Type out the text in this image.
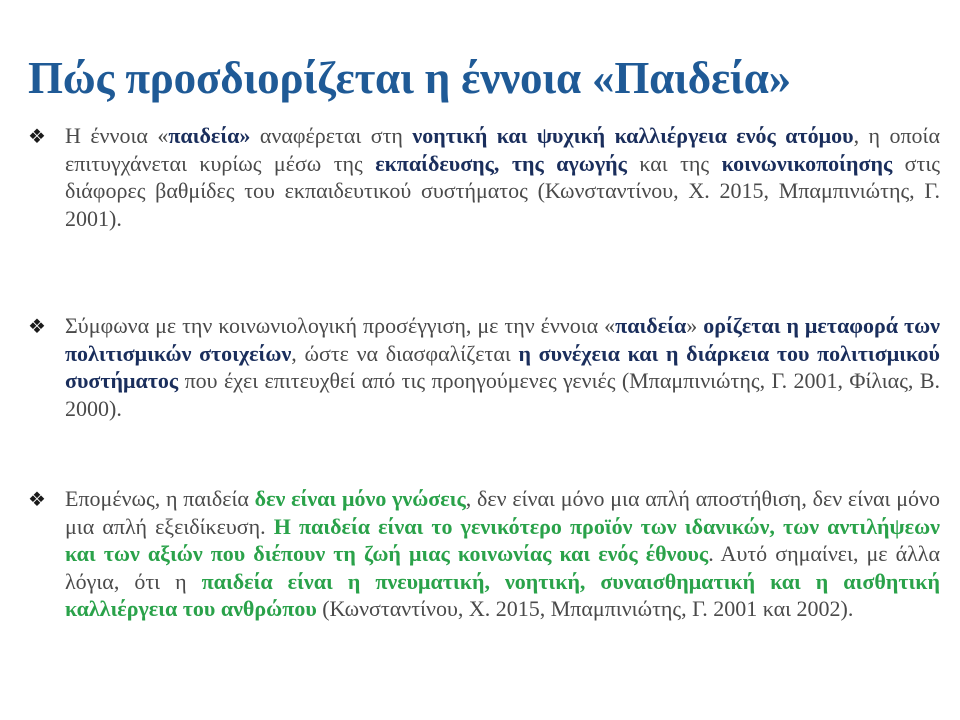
Πώς προσδιορίζεται η έννοια «Παιδεία»
❖ Η έννοια «παιδεία» αναφέρεται στη νοητική και ψυχική καλλιέργεια ενός ατόμου, η οποία επιτυγχάνεται κυρίως μέσω της εκπαίδευσης, της αγωγής και της κοινωνικοποίησης στις διάφορες βαθμίδες του εκπαιδευτικού συστήματος (Κωνσταντίνου, Χ. 2015, Μπαμπινιώτης, Γ. 2001).
❖ Σύμφωνα με την κοινωνιολογική προσέγγιση, με την έννοια «παιδεία» ορίζεται η μεταφορά των πολιτισμικών στοιχείων, ώστε να διασφαλίζεται η συνέχεια και η διάρκεια του πολιτισμικού συστήματος που έχει επιτευχθεί από τις προηγούμενες γενιές (Μπαμπινιώτης, Γ. 2001, Φίλιας, Β. 2000).
❖ Επομένως, η παιδεία δεν είναι μόνο γνώσεις, δεν είναι μόνο μια απλή αποστήθιση, δεν είναι μόνο μια απλή εξειδίκευση. Η παιδεία είναι το γενικότερο προϊόν των ιδανικών, των αντιλήψεων και των αξιών που διέπουν τη ζωή μιας κοινωνίας και ενός έθνους. Αυτό σημαίνει, με άλλα λόγια, ότι η παιδεία είναι η πνευματική, νοητική, συναισθηματική και η αισθητική καλλιέργεια του ανθρώπου (Κωνσταντίνου, Χ. 2015, Μπαμπινιώτης, Γ. 2001 και 2002).
